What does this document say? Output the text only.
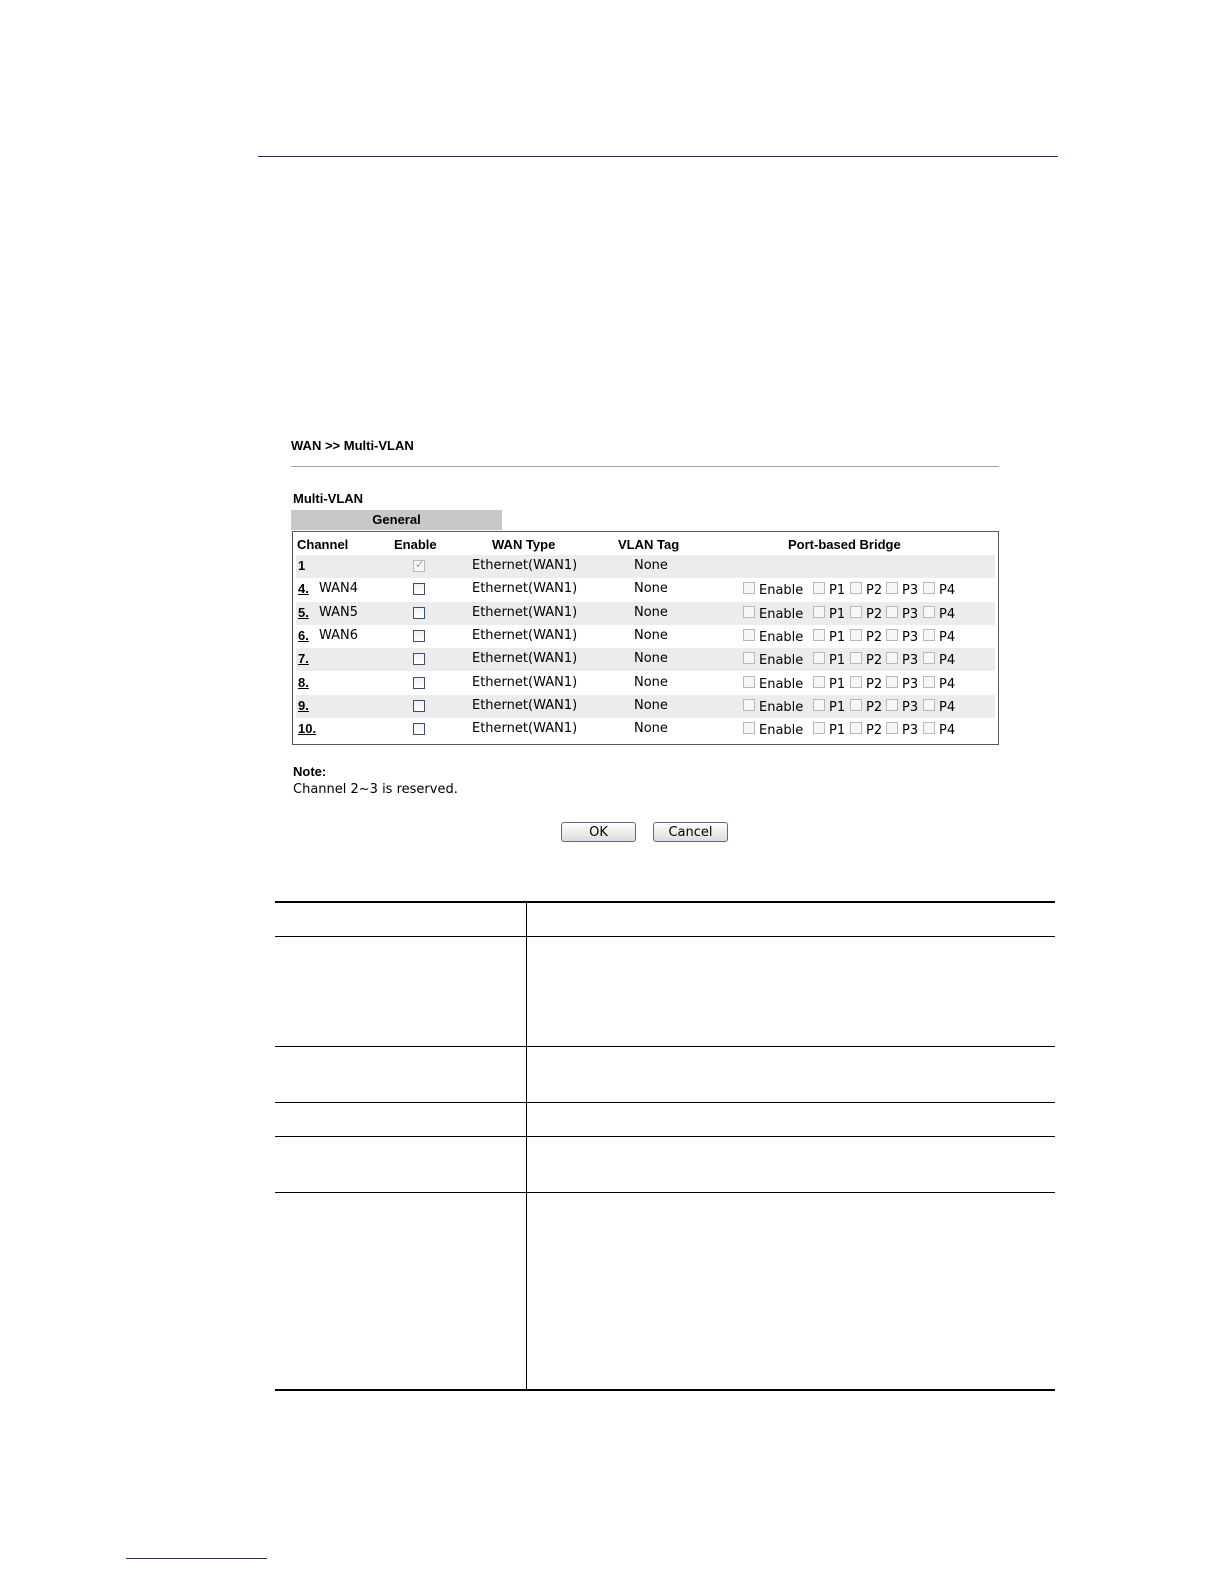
WAN >> Multi-VLAN
Multi-VLAN
General
Channel	Enable	WAN Type	VLAN Tag	Port-based Bridge
1
✓	Ethernet(WAN1)	None
4. WAN4	Ethernet(WAN1)	None	Enable P1 P2 P3 P4
5. WAN5	Ethernet(WAN1)	None	Enable P1 P2 P3 P4
6. WAN6	Ethernet(WAN1)	None	Enable P1 P2 P3 P4
7.	Ethernet(WAN1)	None	Enable P1 P2 P3 P4
8.	Ethernet(WAN1)	None	Enable P1 P2 P3 P4
9.	Ethernet(WAN1)	None	Enable P1 P2 P3 P4
10.	Ethernet(WAN1)	None	Enable P1 P2 P3 P4
Note:
Channel 2~3 is reserved.
OK	Cancel
